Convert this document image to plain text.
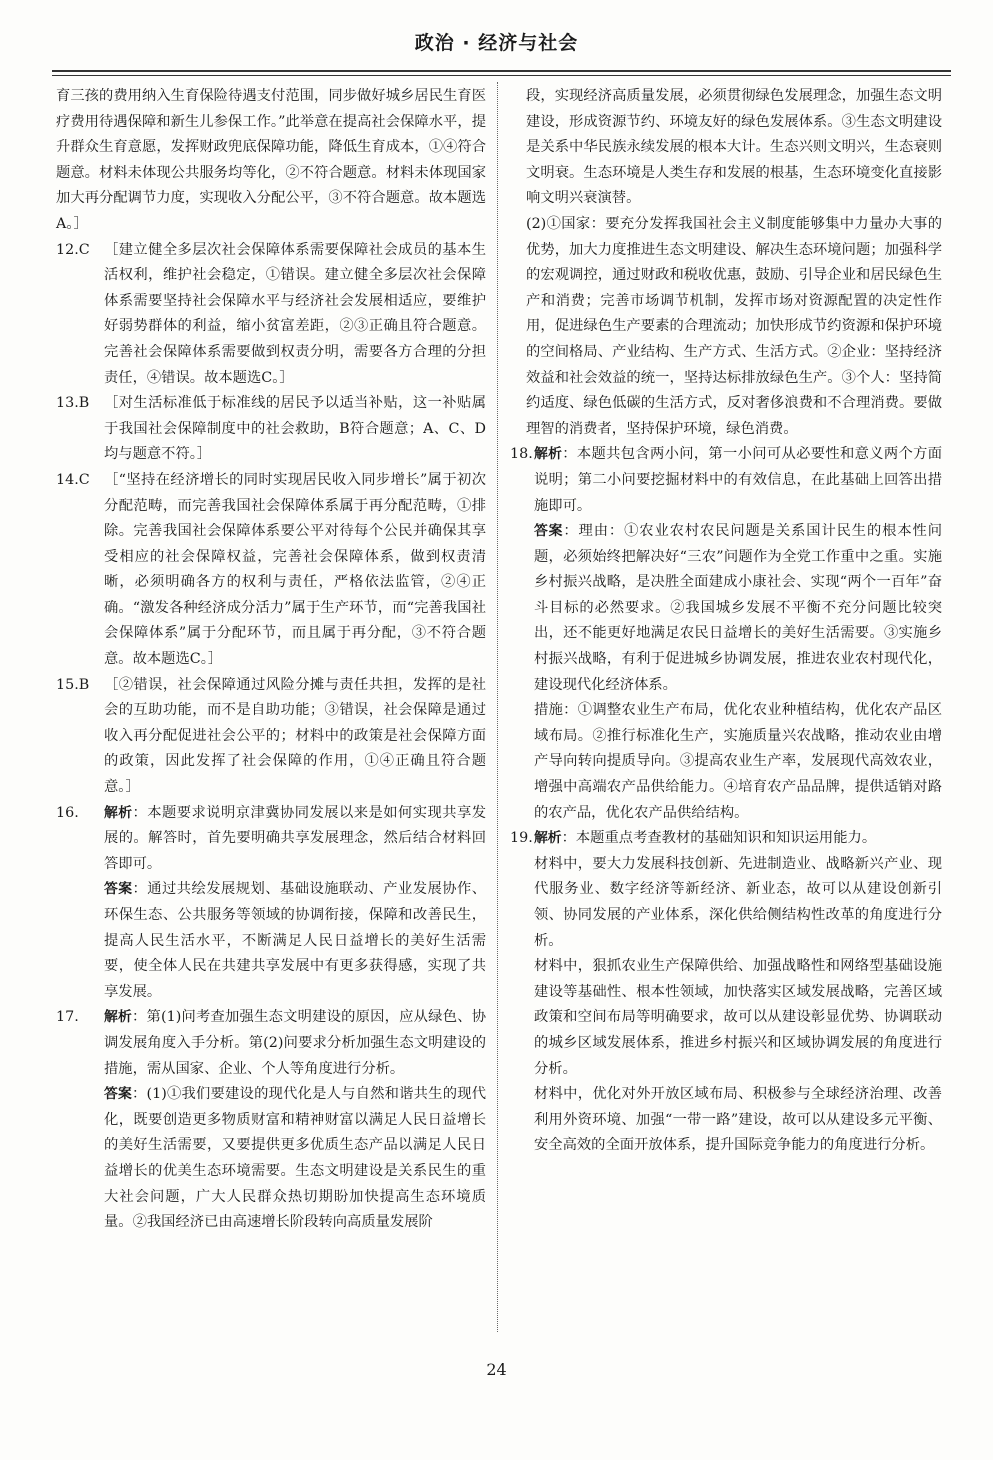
政治 · 经济与社会

育三孩的费用纳入生育保险待遇支付范围，同步做好城乡居民生育医疗费用待遇保障和新生儿参保工作。”此举意在提高社会保障水平，提升群众生育意愿，发挥财政兜底保障功能，降低生育成本，①④符合题意。材料未体现公共服务均等化，②不符合题意。材料未体现国家加大再分配调节力度，实现收入分配公平，③不符合题意。故本题选A。］

12.C	［建立健全多层次社会保障体系需要保障社会成员的基本生活权利，维护社会稳定，①错误。建立健全多层次社会保障体系需要坚持社会保障水平与经济社会发展相适应，要维护好弱势群体的利益，缩小贫富差距，②③正确且符合题意。完善社会保障体系需要做到权责分明，需要各方合理的分担责任，④错误。故本题选C。］
13.B	［对生活标准低于标准线的居民予以适当补贴，这一补贴属于我国社会保障制度中的社会救助，B符合题意；A、C、D均与题意不符。］
14.C	［“坚持在经济增长的同时实现居民收入同步增长”属于初次分配范畴，而完善我国社会保障体系属于再分配范畴，①排除。完善我国社会保障体系要公平对待每个公民并确保其享受相应的社会保障权益，完善社会保障体系，做到权责清晰，必须明确各方的权利与责任，严格依法监管，②④正确。“激发各种经济成分活力”属于生产环节，而“完善我国社会保障体系”属于分配环节，而且属于再分配，③不符合题意。故本题选C。］
15.B	［②错误，社会保障通过风险分摊与责任共担，发挥的是社会的互助功能，而不是自助功能；③错误，社会保障是通过收入再分配促进社会公平的；材料中的政策是社会保障方面的政策，因此发挥了社会保障的作用，①④正确且符合题意。］
16.	解析：本题要求说明京津冀协同发展以来是如何实现共享发展的。解答时，首先要明确共享发展理念，然后结合材料回答即可。

答案：通过共绘发展规划、基础设施联动、产业发展协作、环保生态、公共服务等领域的协调衔接，保障和改善民生，提高人民生活水平，不断满足人民日益增长的美好生活需要，使全体人民在共建共享发展中有更多获得感，实现了共享发展。

17.	解析：第(1)问考查加强生态文明建设的原因，应从绿色、协调发展角度入手分析。第(2)问要求分析加强生态文明建设的措施，需从国家、企业、个人等角度进行分析。

答案：(1)①我们要建设的现代化是人与自然和谐共生的现代化，既要创造更多物质财富和精神财富以满足人民日益增长的美好生活需要，又要提供更多优质生态产品以满足人民日益增长的优美生态环境需要。生态文明建设是关系民生的重大社会问题，广大人民群众热切期盼加快提高生态环境质量。②我国经济已由高速增长阶段转向高质量发展阶

段，实现经济高质量发展，必须贯彻绿色发展理念，加强生态文明建设，形成资源节约、环境友好的绿色发展体系。③生态文明建设是关系中华民族永续发展的根本大计。生态兴则文明兴，生态衰则文明衰。生态环境是人类生存和发展的根基，生态环境变化直接影响文明兴衰演替。

(2)①国家：要充分发挥我国社会主义制度能够集中力量办大事的优势，加大力度推进生态文明建设、解决生态环境问题；加强科学的宏观调控，通过财政和税收优惠，鼓励、引导企业和居民绿色生产和消费；完善市场调节机制，发挥市场对资源配置的决定性作用，促进绿色生产要素的合理流动；加快形成节约资源和保护环境的空间格局、产业结构、生产方式、生活方式。②企业：坚持经济效益和社会效益的统一，坚持达标排放绿色生产。③个人：坚持简约适度、绿色低碳的生活方式，反对奢侈浪费和不合理消费。要做理智的消费者，坚持保护环境，绿色消费。

18. 解析：本题共包含两小问，第一小问可从必要性和意义两个方面说明；第二小问要挖掘材料中的有效信息，在此基础上回答出措施即可。

答案：理由：①农业农村农民问题是关系国计民生的根本性问题，必须始终把解决好“三农”问题作为全党工作重中之重。实施乡村振兴战略，是决胜全面建成小康社会、实现“两个一百年”奋斗目标的必然要求。②我国城乡发展不平衡不充分问题比较突出，还不能更好地满足农民日益增长的美好生活需要。③实施乡村振兴战略，有利于促进城乡协调发展，推进农业农村现代化，建设现代化经济体系。

措施：①调整农业生产布局，优化农业种植结构，优化农产品区域布局。②推行标准化生产，实施质量兴农战略，推动农业由增产导向转向提质导向。③提高农业生产率，发展现代高效农业，增强中高端农产品供给能力。④培育农产品品牌，提供适销对路的农产品，优化农产品供给结构。

19. 解析：本题重点考查教材的基础知识和知识运用能力。

材料中，要大力发展科技创新、先进制造业、战略新兴产业、现代服务业、数字经济等新经济、新业态，故可以从建设创新引领、协同发展的产业体系，深化供给侧结构性改革的角度进行分析。

材料中，狠抓农业生产保障供给、加强战略性和网络型基础设施建设等基础性、根本性领域，加快落实区域发展战略，完善区域政策和空间布局等明确要求，故可以从建设彰显优势、协调联动的城乡区域发展体系，推进乡村振兴和区域协调发展的角度进行分析。

材料中，优化对外开放区域布局、积极参与全球经济治理、改善利用外资环境、加强“一带一路”建设，故可以从建设多元平衡、安全高效的全面开放体系，提升国际竞争能力的角度进行分析。

24
